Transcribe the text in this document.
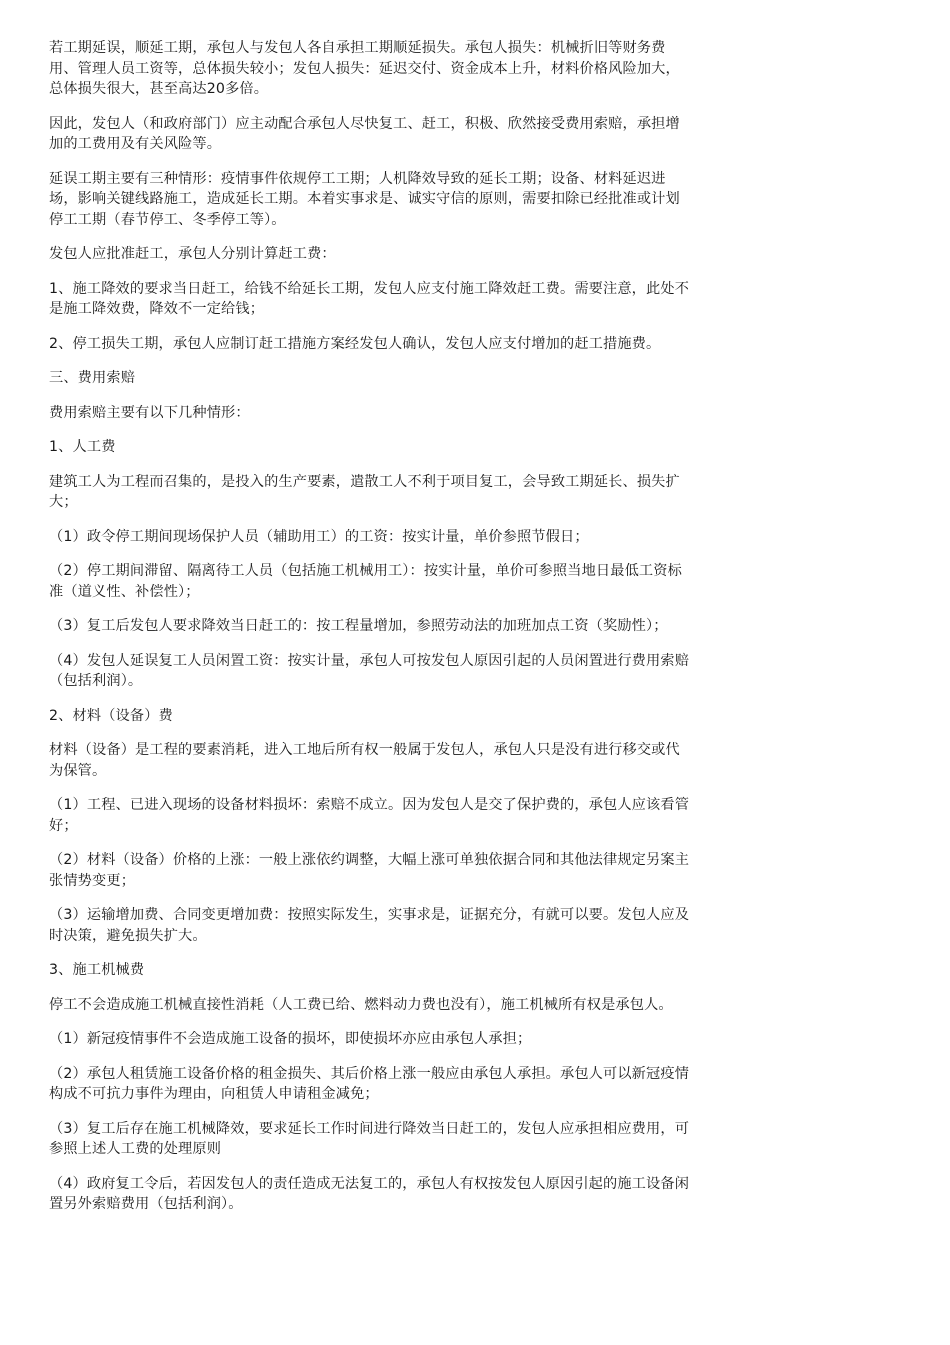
若工期延误，顺延工期，承包人与发包人各自承担工期顺延损失。承包人损失：机械折旧等财务费用、管理人员工资等，总体损失较小；发包人损失：延迟交付、资金成本上升，材料价格风险加大，总体损失很大，甚至高达20多倍。

因此，发包人（和政府部门）应主动配合承包人尽快复工、赶工，积极、欣然接受费用索赔，承担增加的工费用及有关风险等。

延误工期主要有三种情形：疫情事件依规停工工期；人机降效导致的延长工期；设备、材料延迟进场，影响关键线路施工，造成延长工期。本着实事求是、诚实守信的原则，需要扣除已经批准或计划停工工期（春节停工、冬季停工等）。

发包人应批准赶工，承包人分别计算赶工费：

1、施工降效的要求当日赶工，给钱不给延长工期，发包人应支付施工降效赶工费。需要注意，此处不是施工降效费，降效不一定给钱；

2、停工损失工期，承包人应制订赶工措施方案经发包人确认，发包人应支付增加的赶工措施费。

三、费用索赔

费用索赔主要有以下几种情形：

1、人工费

建筑工人为工程而召集的，是投入的生产要素，遣散工人不利于项目复工，会导致工期延长、损失扩大；

（1）政令停工期间现场保护人员（辅助用工）的工资：按实计量，单价参照节假日；

（2）停工期间滞留、隔离待工人员（包括施工机械用工）：按实计量，单价可参照当地日最低工资标准（道义性、补偿性）；

（3）复工后发包人要求降效当日赶工的：按工程量增加，参照劳动法的加班加点工资（奖励性）；

（4）发包人延误复工人员闲置工资：按实计量，承包人可按发包人原因引起的人员闲置进行费用索赔（包括利润）。

2、材料（设备）费

材料（设备）是工程的要素消耗，进入工地后所有权一般属于发包人，承包人只是没有进行移交或代为保管。

（1）工程、已进入现场的设备材料损坏：索赔不成立。因为发包人是交了保护费的，承包人应该看管好；

（2）材料（设备）价格的上涨：一般上涨依约调整，大幅上涨可单独依据合同和其他法律规定另案主张情势变更；

（3）运输增加费、合同变更增加费：按照实际发生，实事求是，证据充分，有就可以要。发包人应及时决策，避免损失扩大。

3、施工机械费

停工不会造成施工机械直接性消耗（人工费已给、燃料动力费也没有），施工机械所有权是承包人。

（1）新冠疫情事件不会造成施工设备的损坏，即使损坏亦应由承包人承担；

（2）承包人租赁施工设备价格的租金损失、其后价格上涨一般应由承包人承担。承包人可以新冠疫情构成不可抗力事件为理由，向租赁人申请租金减免；

（3）复工后存在施工机械降效，要求延长工作时间进行降效当日赶工的，发包人应承担相应费用，可参照上述人工费的处理原则

（4）政府复工令后，若因发包人的责任造成无法复工的，承包人有权按发包人原因引起的施工设备闲置另外索赔费用（包括利润）。
